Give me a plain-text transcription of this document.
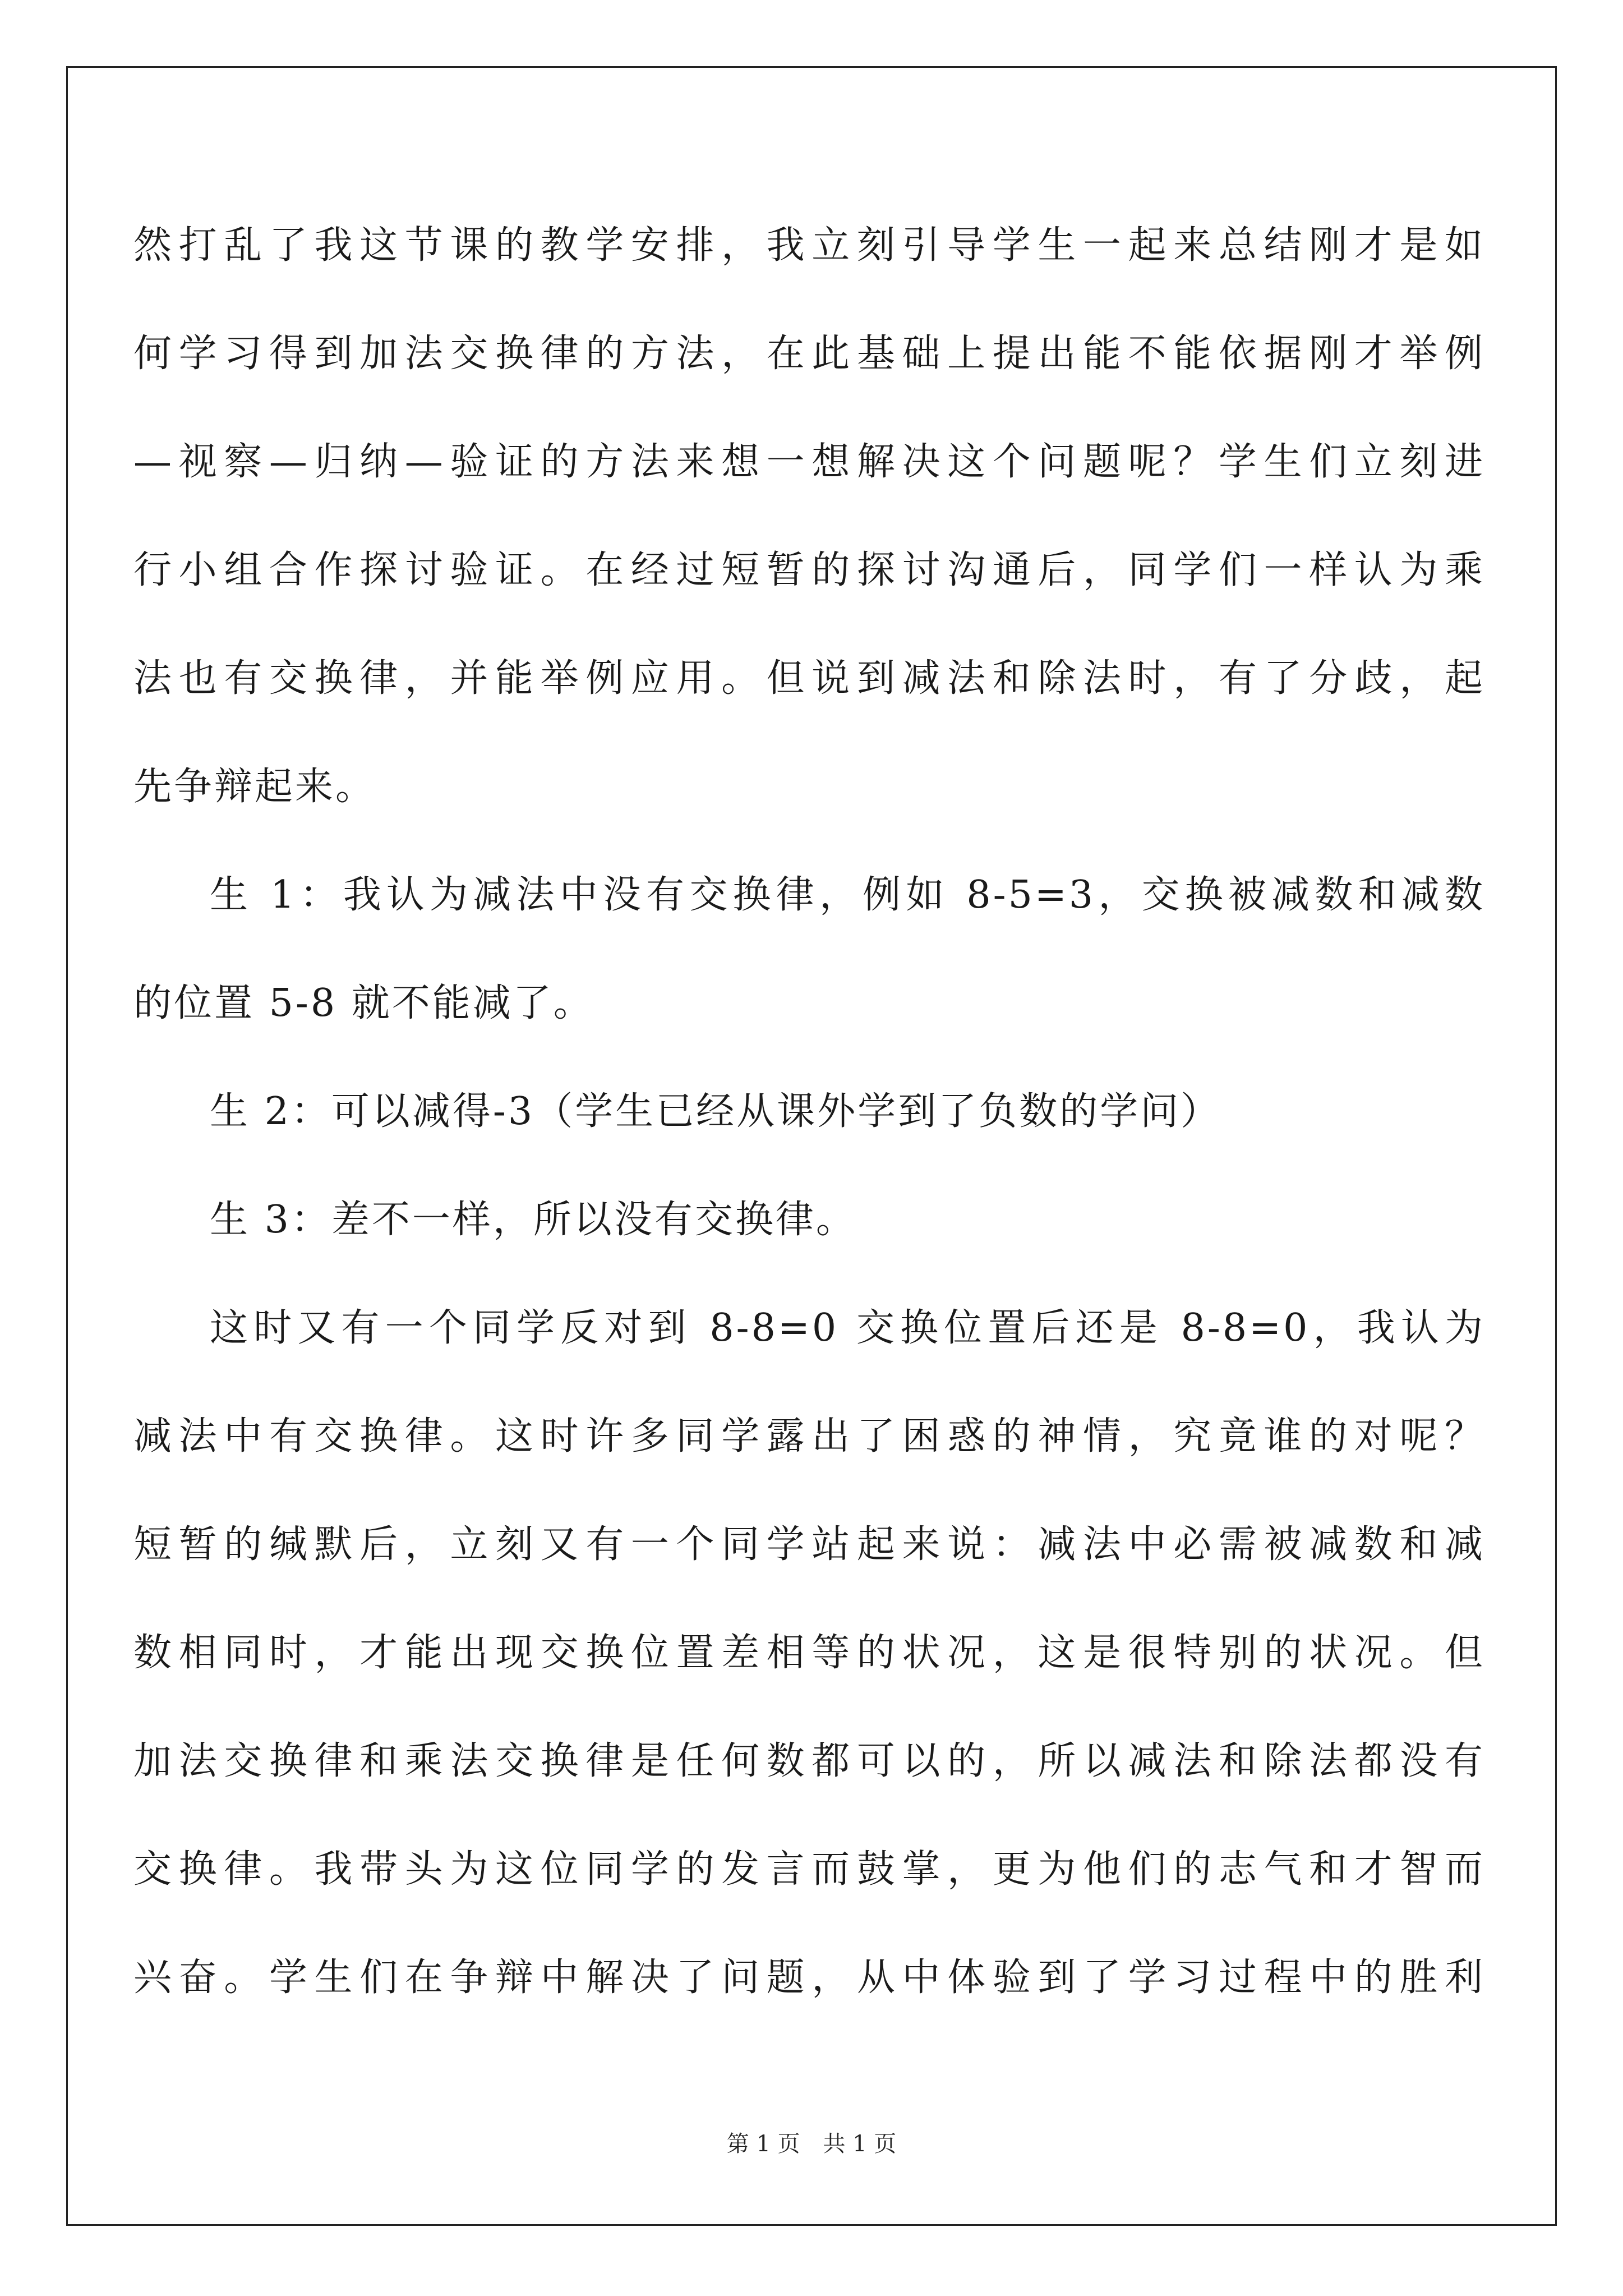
然打乱了我这节课的教学安排，我立刻引导学生一起来总结刚才是如
何学习得到加法交换律的方法，在此基础上提出能不能依据刚才举例
—视察—归纳—验证的方法来想一想解决这个问题呢？学生们立刻进
行小组合作探讨验证。在经过短暂的探讨沟通后，同学们一样认为乘
法也有交换律，并能举例应用。但说到减法和除法时，有了分歧，起
先争辩起来。
生 1：我认为减法中没有交换律，例如 8-5=3，交换被减数和减数
的位置 5-8 就不能减了。
生 2：可以减得-3（学生已经从课外学到了负数的学问）
生 3：差不一样，所以没有交换律。
这时又有一个同学反对到 8-8=0 交换位置后还是 8-8=0，我认为
减法中有交换律。这时许多同学露出了困惑的神情，究竟谁的对呢？
短暂的缄默后，立刻又有一个同学站起来说：减法中必需被减数和减
数相同时，才能出现交换位置差相等的状况，这是很特别的状况。但
加法交换律和乘法交换律是任何数都可以的，所以减法和除法都没有
交换律。我带头为这位同学的发言而鼓掌，更为他们的志气和才智而
兴奋。学生们在争辩中解决了问题，从中体验到了学习过程中的胜利
第 1 页 共 1 页
